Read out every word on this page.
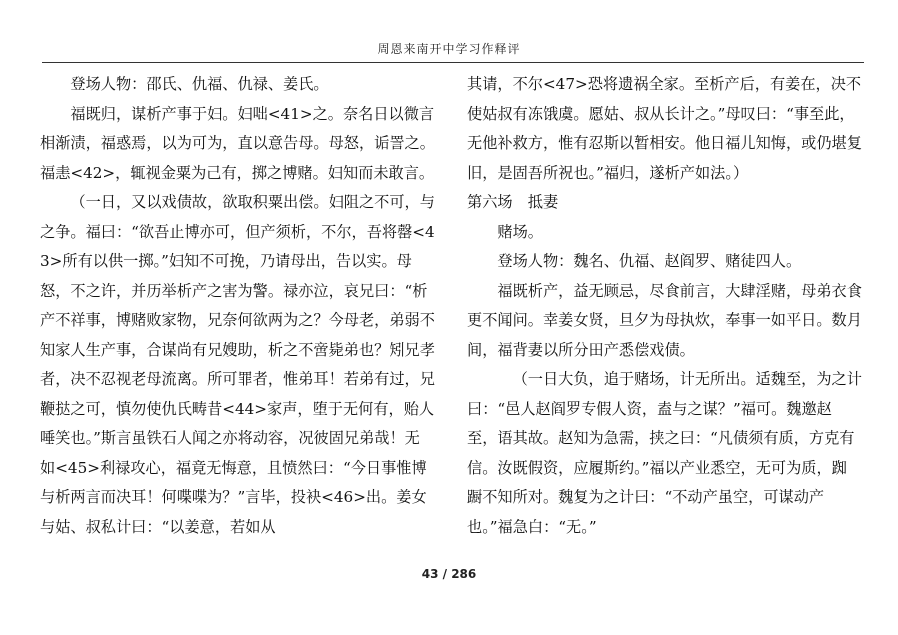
周恩来南开中学习作释评

登场人物：邵氏、仇福、仇禄、姜氏。

福既归，谋析产事于妇。妇咄<41>之。奈名日以微言相渐渍，福惑焉，以为可为，直以意告母。母怒，诟詈之。福恚<42>，辄视金粟为己有，掷之博赌。妇知而未敢言。

（一日，又以戏债故，欲取积粟出偿。妇阻之不可，与之争。福曰：“欲吾止博亦可，但产须析，不尔，吾将罄<43>所有以供一掷。”妇知不可挽，乃请母出，告以实。母怒，不之许，并历举析产之害为警。禄亦泣，哀兄曰：“析产不祥事，博赌败家物，兄奈何欲两为之？今母老，弟弱不知家人生产事，合谋尚有兄嫂助，析之不啻毙弟也？矧兄孝者，决不忍视老母流离。所可罪者，惟弟耳！若弟有过，兄鞭挞之可，慎勿使仇氏畴昔<44>家声，堕于无何有，贻人唾笑也。”斯言虽铁石人闻之亦将动容，况彼固兄弟哉！无如<45>利禄攻心，福竟无悔意，且愤然曰：“今日事惟博与析两言而决耳！何喋喋为？”言毕，投袂<46>出。姜女与姑、叔私计曰：“以姜意，若如从

其请，不尔<47>恐将遗祸全家。至析产后，有姜在，决不使姑叔有冻饿虞。愿姑、叔从长计之。”母叹曰：“事至此，无他补救方，惟有忍斯以暂相安。他日福儿知悔，或仍堪复旧，是固吾所祝也。”福归，遂析产如法。）

第六场　抵妻

赌场。

登场人物：魏名、仇福、赵阎罗、赌徒四人。

福既析产，益无顾忌，尽食前言，大肆淫赌，母弟衣食更不闻问。幸姜女贤，旦夕为母执炊，奉事一如平日。数月间，福背妻以所分田产悉偿戏债。

（一日大负，追于赌场，计无所出。适魏至，为之计曰：“邑人赵阎罗专假人资，盍与之谋？”福可。魏邀赵至，语其故。赵知为急需，挟之曰：“凡债须有质，方克有信。汝既假资，应履斯约。”福以产业悉空，无可为质，踟蹰不知所对。魏复为之计曰：“不动产虽空，可谋动产也。”福急白：“无。”

43 / 286
